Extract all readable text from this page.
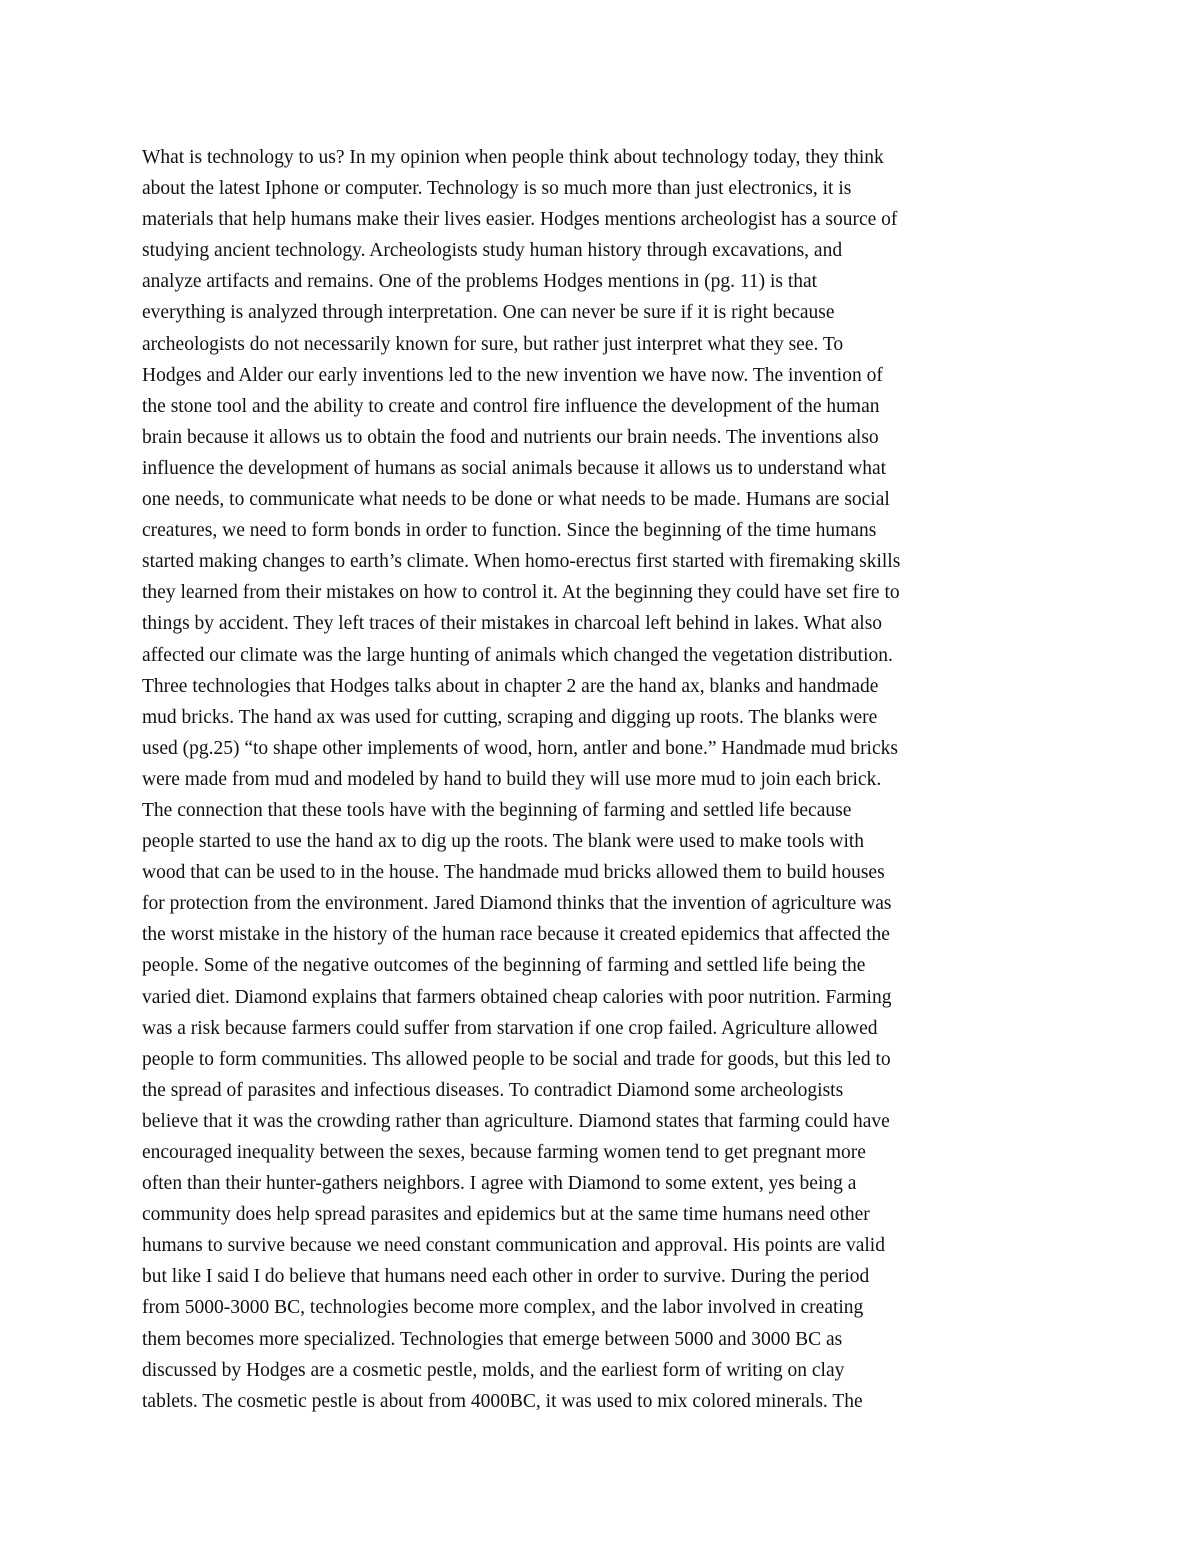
What is technology to us? In my opinion when people think about technology today, they think
about the latest Iphone or computer. Technology is so much more than just electronics, it is
materials that help humans make their lives easier. Hodges mentions archeologist has a source of
studying ancient technology. Archeologists study human history through excavations, and
analyze artifacts and remains. One of the problems Hodges mentions in (pg. 11) is that
everything is analyzed through interpretation. One can never be sure if it is right because
archeologists do not necessarily known for sure, but rather just interpret what they see. To
Hodges and Alder our early inventions led to the new invention we have now. The invention of
the stone tool and the ability to create and control fire influence the development of the human
brain because it allows us to obtain the food and nutrients our brain needs. The inventions also
influence the development of humans as social animals because it allows us to understand what
one needs, to communicate what needs to be done or what needs to be made. Humans are social
creatures, we need to form bonds in order to function. Since the beginning of the time humans
started making changes to earth’s climate. When homo-erectus first started with firemaking skills
they learned from their mistakes on how to control it. At the beginning they could have set fire to
things by accident. They left traces of their mistakes in charcoal left behind in lakes. What also
affected our climate was the large hunting of animals which changed the vegetation distribution.
Three technologies that Hodges talks about in chapter 2 are the hand ax, blanks and handmade
mud bricks. The hand ax was used for cutting, scraping and digging up roots. The blanks were
used (pg.25) “to shape other implements of wood, horn, antler and bone.” Handmade mud bricks
were made from mud and modeled by hand to build they will use more mud to join each brick.
The connection that these tools have with the beginning of farming and settled life because
people started to use the hand ax to dig up the roots. The blank were used to make tools with
wood that can be used to in the house. The handmade mud bricks allowed them to build houses
for protection from the environment. Jared Diamond thinks that the invention of agriculture was
the worst mistake in the history of the human race because it created epidemics that affected the
people. Some of the negative outcomes of the beginning of farming and settled life being the
varied diet. Diamond explains that farmers obtained cheap calories with poor nutrition. Farming
was a risk because farmers could suffer from starvation if one crop failed. Agriculture allowed
people to form communities. Ths allowed people to be social and trade for goods, but this led to
the spread of parasites and infectious diseases. To contradict Diamond some archeologists
believe that it was the crowding rather than agriculture. Diamond states that farming could have
encouraged inequality between the sexes, because farming women tend to get pregnant more
often than their hunter-gathers neighbors. I agree with Diamond to some extent, yes being a
community does help spread parasites and epidemics but at the same time humans need other
humans to survive because we need constant communication and approval. His points are valid
but like I said I do believe that humans need each other in order to survive. During the period
from 5000-3000 BC, technologies become more complex, and the labor involved in creating
them becomes more specialized. Technologies that emerge between 5000 and 3000 BC as
discussed by Hodges are a cosmetic pestle, molds, and the earliest form of writing on clay
tablets. The cosmetic pestle is about from 4000BC, it was used to mix colored minerals. The
